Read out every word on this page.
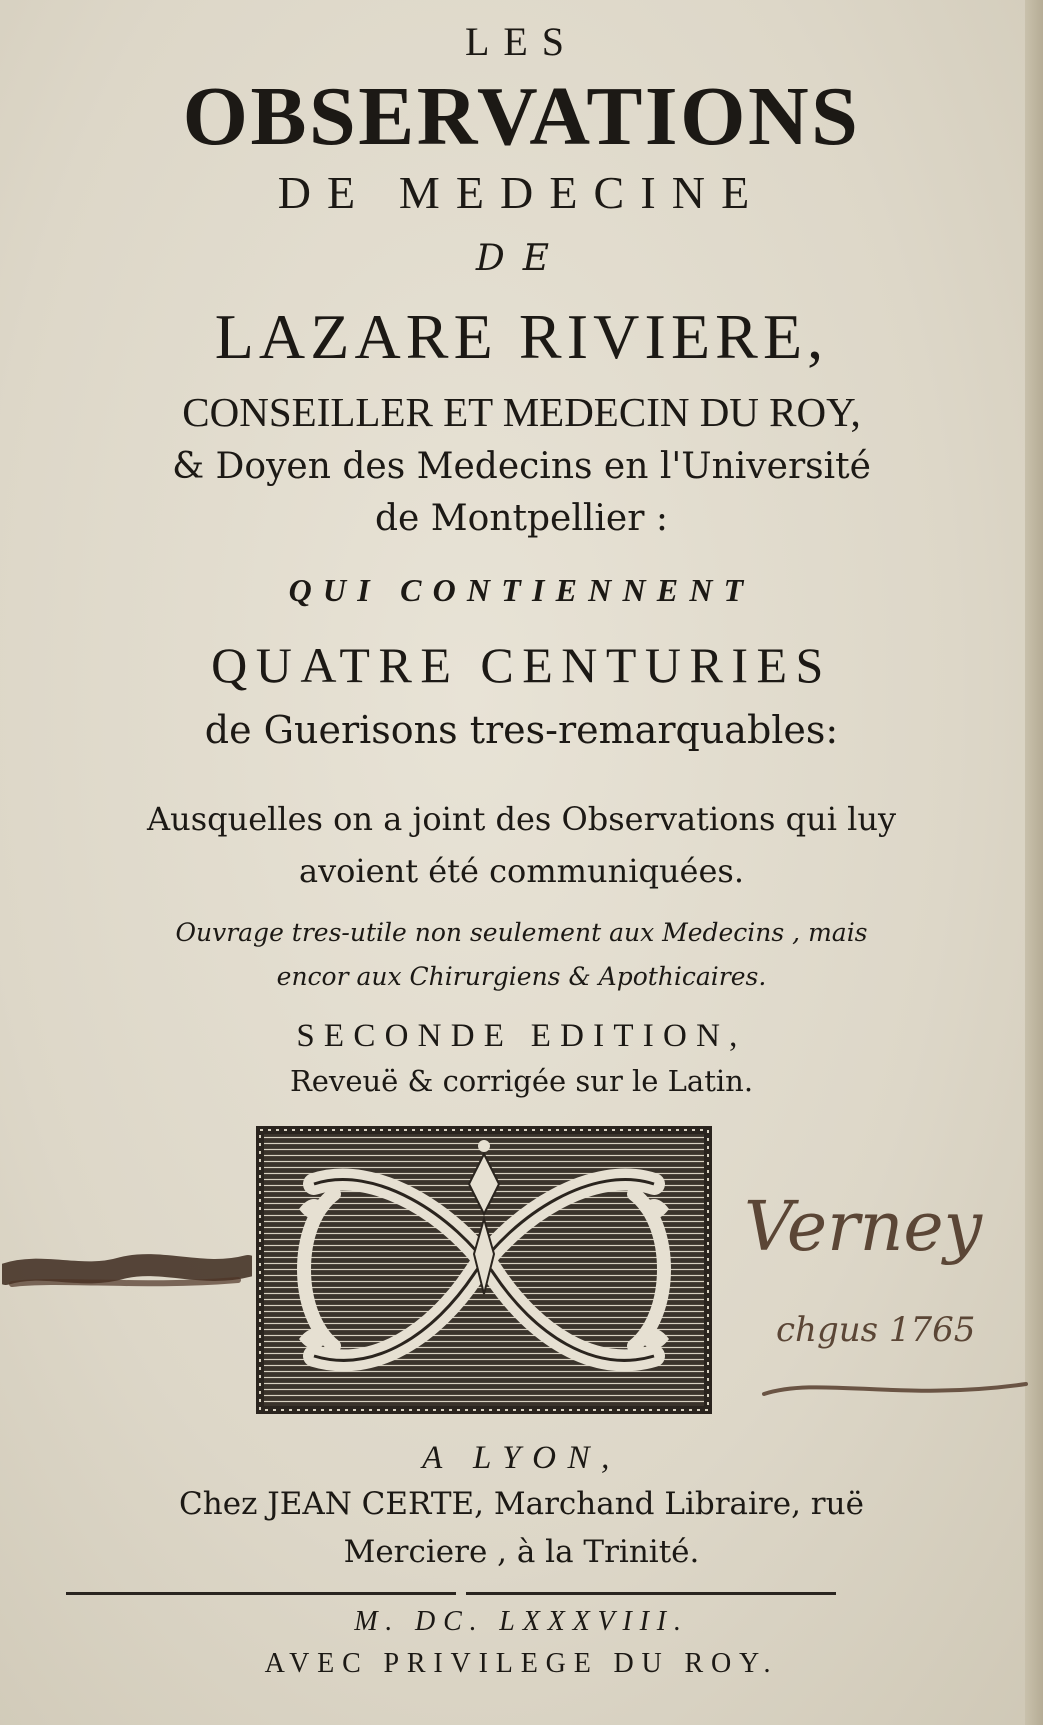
LES
OBSERVATIONS
DE MEDECINE
DE
LAZARE RIVIERE,
CONSEILLER ET MEDECIN DU ROY,
& Doyen des Medecins en l'Université
de Montpellier :
QUI CONTIENNENT
QUATRE CENTURIES
de Guerisons tres-remarquables:
Ausquelles on a joint des Observations qui luy
avoient été communiquées.
Ouvrage tres-utile non seulement aux Medecins , mais
encor aux Chirurgiens & Apothicaires.
SECONDE EDITION,
Reveuë & corrigée sur le Latin.
Verney
chgus 1765
A LYON,
Chez JEAN CERTE, Marchand Libraire, ruë
Merciere , à la Trinité.
M. DC. LXXXVIII.
AVEC PRIVILEGE DU ROY.
